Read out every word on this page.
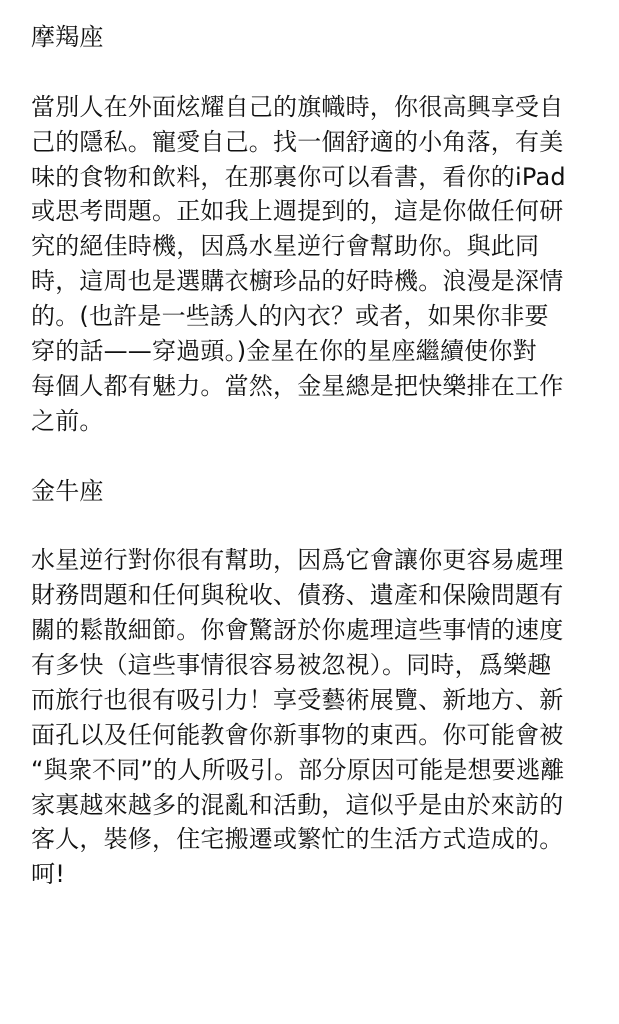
摩羯座
當別人在外面炫耀自己的旗幟時，你很高興享受自
己的隱私。寵愛自己。找一個舒適的小角落，有美
味的食物和飲料，在那裏你可以看書，看你的iPad
或思考問題。正如我上週提到的，這是你做任何研
究的絕佳時機，因爲水星逆行會幫助你。與此同
時，這周也是選購衣櫥珍品的好時機。浪漫是深情
的。(也許是一些誘人的內衣？或者，如果你非要
穿的話——穿過頭。)金星在你的星座繼續使你對
每個人都有魅力。當然，金星總是把快樂排在工作
之前。
金牛座
水星逆行對你很有幫助，因爲它會讓你更容易處理
財務問題和任何與稅收、債務、遺產和保險問題有
關的鬆散細節。你會驚訝於你處理這些事情的速度
有多快（這些事情很容易被忽視）。同時，爲樂趣
而旅行也很有吸引力！享受藝術展覽、新地方、新
面孔以及任何能教會你新事物的東西。你可能會被
“與衆不同”的人所吸引。部分原因可能是想要逃離
家裏越來越多的混亂和活動，這似乎是由於來訪的
客人，裝修，住宅搬遷或繁忙的生活方式造成的。
呵!
